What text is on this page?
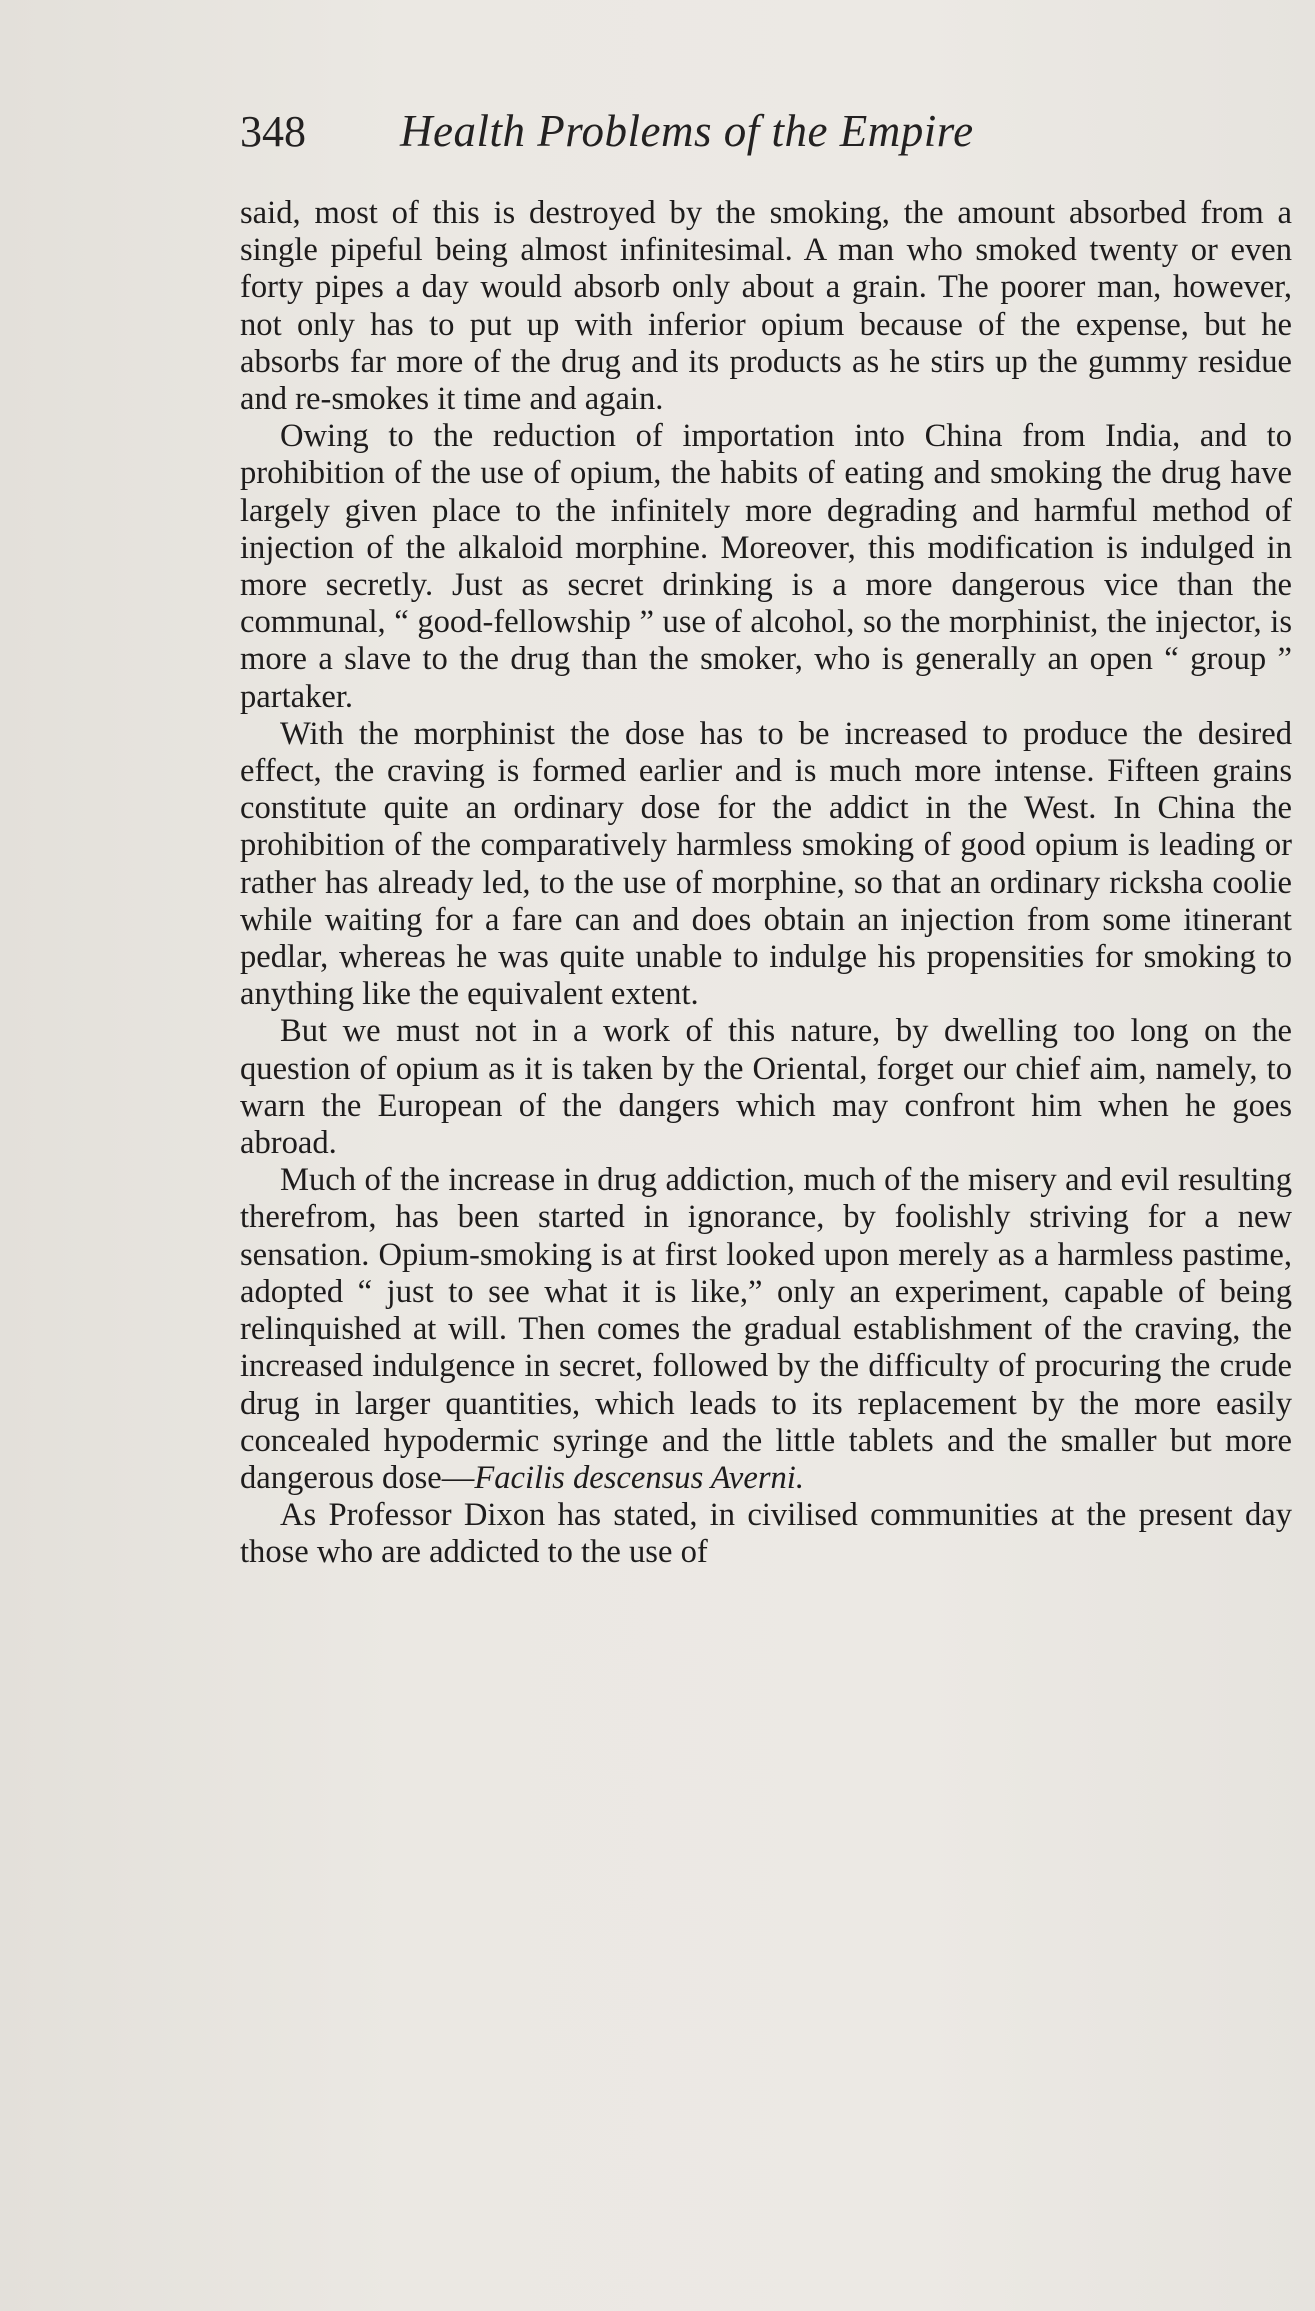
348	Health Problems of the Empire

said, most of this is destroyed by the smoking, the amount absorbed from a single pipeful being almost infinitesimal. A man who smoked twenty or even forty pipes a day would absorb only about a grain. The poorer man, however, not only has to put up with inferior opium because of the expense, but he absorbs far more of the drug and its products as he stirs up the gummy residue and re-smokes it time and again.

Owing to the reduction of importation into China from India, and to prohibition of the use of opium, the habits of eating and smoking the drug have largely given place to the infinitely more degrading and harmful method of injection of the alkaloid morphine. Moreover, this modification is indulged in more secretly. Just as secret drinking is a more dangerous vice than the communal, “ good-fellowship ” use of alcohol, so the morphinist, the injector, is more a slave to the drug than the smoker, who is generally an open “ group ” partaker.

With the morphinist the dose has to be increased to produce the desired effect, the craving is formed earlier and is much more intense. Fifteen grains constitute quite an ordinary dose for the addict in the West. In China the prohibition of the comparatively harmless smoking of good opium is leading or rather has already led, to the use of morphine, so that an ordinary ricksha coolie while waiting for a fare can and does obtain an injection from some itinerant pedlar, whereas he was quite unable to indulge his propensities for smoking to anything like the equivalent extent.

But we must not in a work of this nature, by dwelling too long on the question of opium as it is taken by the Oriental, forget our chief aim, namely, to warn the European of the dangers which may confront him when he goes abroad.

Much of the increase in drug addiction, much of the misery and evil resulting therefrom, has been started in ignorance, by foolishly striving for a new sensation. Opium-smoking is at first looked upon merely as a harmless pastime, adopted “ just to see what it is like,” only an experiment, capable of being relinquished at will. Then comes the gradual establishment of the craving, the increased indulgence in secret, followed by the difficulty of procuring the crude drug in larger quantities, which leads to its replacement by the more easily concealed hypodermic syringe and the little tablets and the smaller but more dangerous dose—Facilis descensus Averni.

As Professor Dixon has stated, in civilised communities at the present day those who are addicted to the use of
